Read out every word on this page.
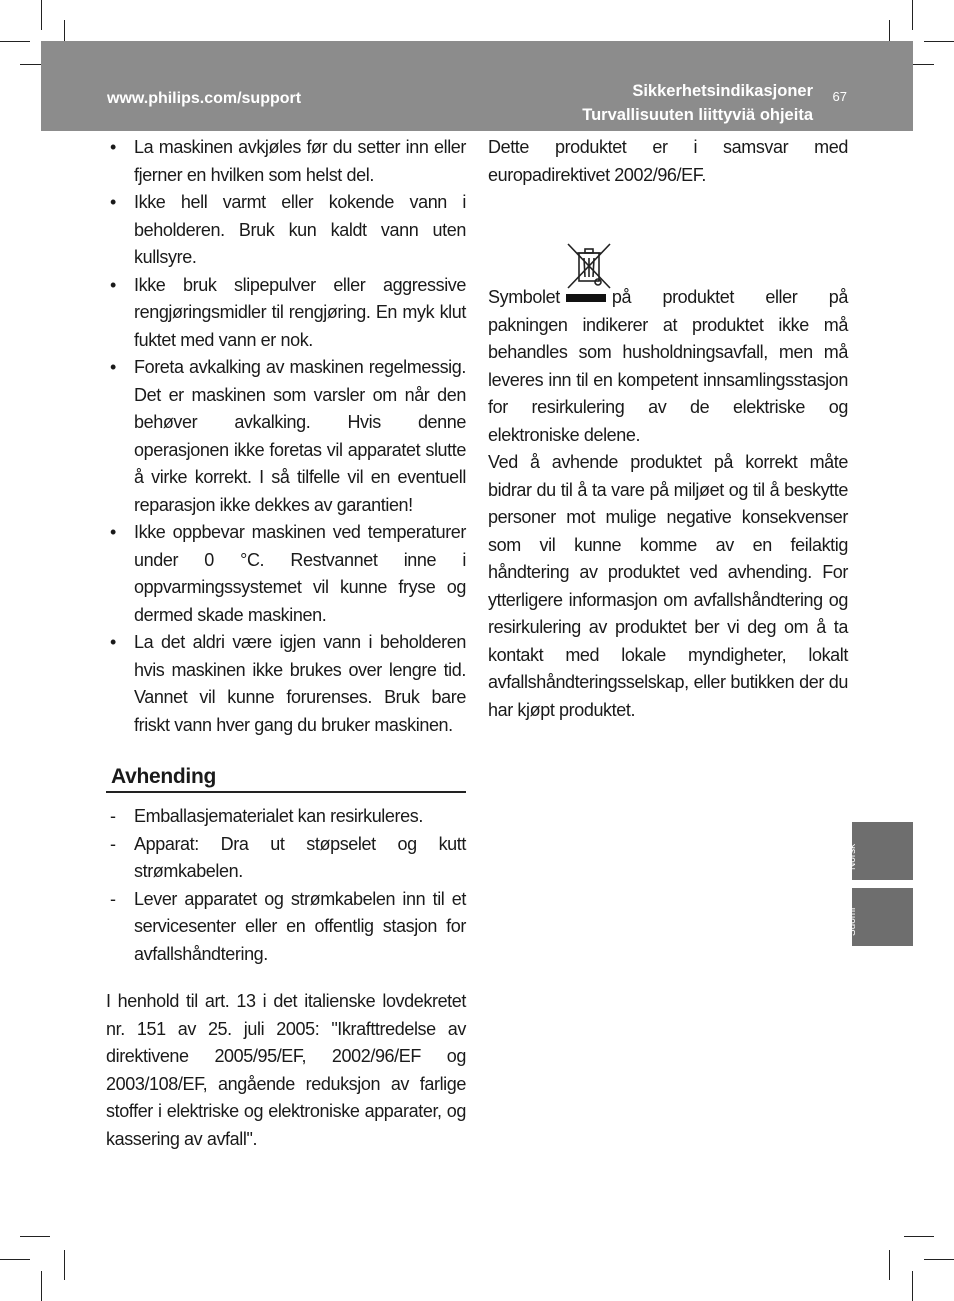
www.philips.com/support	Sikkerhetsindikasjoner
Turvallisuuten liittyviä ohjeita
67
• La maskinen avkjøles før du setter inn eller fjerner en hvilken som helst del.
• Ikke hell varmt eller kokende vann i beholderen. Bruk kun kaldt vann uten kullsyre.
• Ikke bruk slipepulver eller aggressive rengjøringsmidler til rengjøring. En myk klut fuktet med vann er nok.
• Foreta avkalking av maskinen regelmessig. Det er maskinen som varsler om når den behøver avkalking. Hvis denne operasjonen ikke foretas vil apparatet slutte å virke korrekt. I så tilfelle vil en eventuell reparasjon ikke dekkes av garantien!
• Ikke oppbevar maskinen ved temperaturer under 0 °C. Restvannet inne i oppvarmingssystemet vil kunne fryse og dermed skade maskinen.
• La det aldri være igjen vann i beholderen hvis maskinen ikke brukes over lengre tid. Vannet vil kunne forurenses. Bruk bare friskt vann hver gang du bruker maskinen.
Avhending
- Emballasjematerialet kan resirkuleres.
- Apparat: Dra ut støpselet og kutt strømkabelen.
- Lever apparatet og strømkabelen inn til et servicesenter eller en offentlig stasjon for avfallshåndtering.
I henhold til art. 13 i det italienske lovdekretet nr. 151 av 25. juli 2005: "Ikrafttredelse av direktivene 2005/95/EF, 2002/96/EF og 2003/108/EF, angående reduksjon av farlige stoffer i elektriske og elektroniske apparater, og kassering av avfall".
Dette produktet er i samsvar med europadirektivet 2002/96/EF.
Symbolet	på produktet eller på pakningen indikerer at produktet ikke må behandles som husholdningsavfall, men må leveres inn til en kompetent innsamlingsstasjon for resirkulering av de elektriske og elektroniske delene.
Ved å avhende produktet på korrekt måte bidrar du til å ta vare på miljøet og til å beskytte personer mot mulige negative konsekvenser som vil kunne komme av en feilaktig håndtering av produktet ved avhending. For ytterligere informasjon om avfallshåndtering og resirkulering av produktet ber vi deg om å ta kontakt med lokale myndigheter, lokalt avfallshåndteringsselskap, eller butikken der du har kjøpt produktet.
Norsk
Suomi
